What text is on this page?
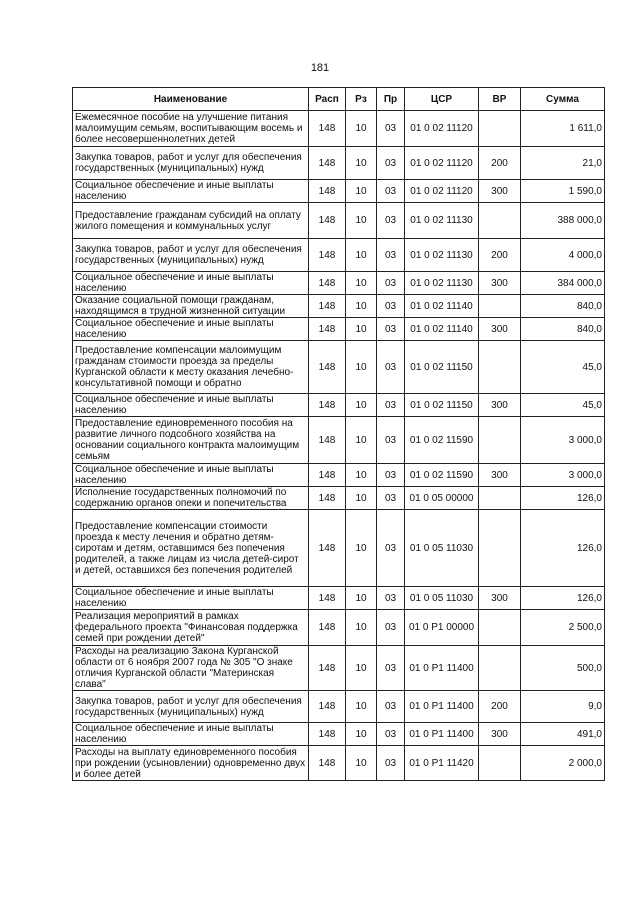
181
Наименование	Расп	Рз	Пр	ЦСР	ВР	Сумма
Ежемесячное пособие на улучшение питания малоимущим семьям, воспитывающим восемь и более несовершеннолетних детей	148	10	03	01 0 02 11120		1 611,0
Закупка товаров, работ и услуг для обеспечения государственных (муниципальных) нужд	148	10	03	01 0 02 11120	200	21,0
Социальное обеспечение и иные выплаты населению	148	10	03	01 0 02 11120	300	1 590,0
Предоставление гражданам субсидий на оплату жилого помещения и коммунальных услуг	148	10	03	01 0 02 11130		388 000,0
Закупка товаров, работ и услуг для обеспечения государственных (муниципальных) нужд	148	10	03	01 0 02 11130	200	4 000,0
Социальное обеспечение и иные выплаты населению	148	10	03	01 0 02 11130	300	384 000,0
Оказание социальной помощи гражданам, находящимся в трудной жизненной ситуации	148	10	03	01 0 02 11140		840,0
Социальное обеспечение и иные выплаты населению	148	10	03	01 0 02 11140	300	840,0
Предоставление компенсации малоимущим гражданам стоимости проезда за пределы Курганской области к месту оказания лечебно-консультативной помощи и обратно	148	10	03	01 0 02 11150		45,0
Социальное обеспечение и иные выплаты населению	148	10	03	01 0 02 11150	300	45,0
Предоставление единовременного пособия на развитие личного подсобного хозяйства на основании социального контракта малоимущим семьям	148	10	03	01 0 02 11590		3 000,0
Социальное обеспечение и иные выплаты населению	148	10	03	01 0 02 11590	300	3 000,0
Исполнение государственных полномочий по содержанию органов опеки и попечительства	148	10	03	01 0 05 00000		126,0
Предоставление компенсации стоимости проезда к месту лечения и обратно детям-сиротам и детям, оставшимся без попечения родителей, а также лицам из числа детей-сирот и детей, оставшихся без попечения родителей	148	10	03	01 0 05 11030		126,0
Социальное обеспечение и иные выплаты населению	148	10	03	01 0 05 11030	300	126,0
Реализация мероприятий в рамках федерального проекта "Финансовая поддержка семей при рождении детей"	148	10	03	01 0 P1 00000		2 500,0
Расходы на реализацию Закона Курганской области от 6 ноября 2007 года № 305 "О знаке отличия Курганской области "Материнская слава"	148	10	03	01 0 P1 11400		500,0
Закупка товаров, работ и услуг для обеспечения государственных (муниципальных) нужд	148	10	03	01 0 P1 11400	200	9,0
Социальное обеспечение и иные выплаты населению	148	10	03	01 0 P1 11400	300	491,0
Расходы на выплату единовременного пособия при рождении (усыновлении) одновременно двух и более детей	148	10	03	01 0 P1 11420		2 000,0
